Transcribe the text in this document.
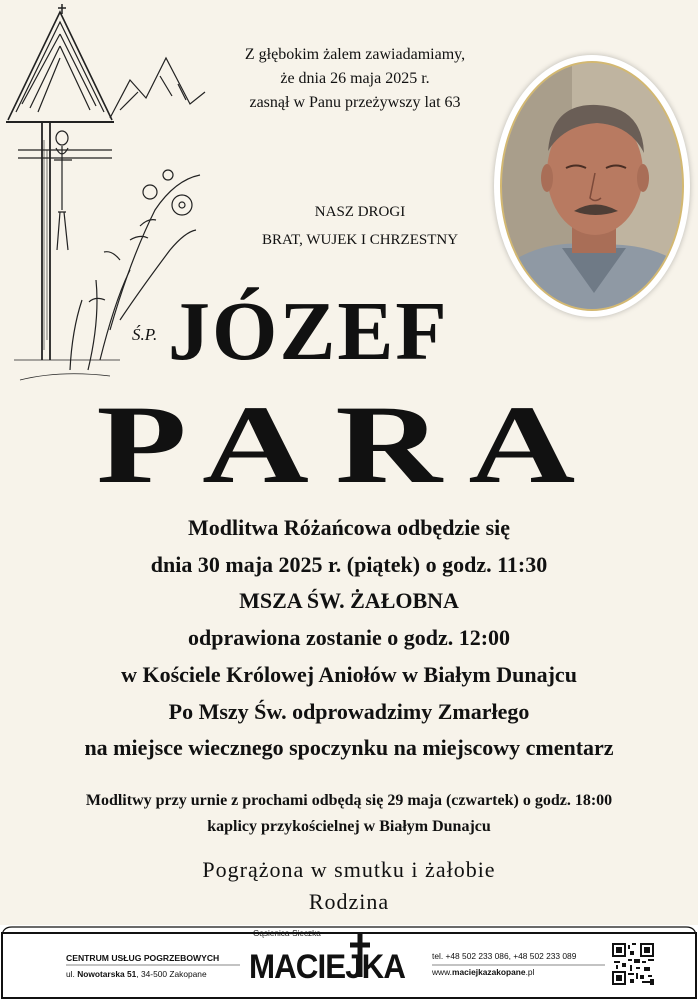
Z głębokim żalem zawiadamiamy,
że dnia 26 maja 2025 r.
zasnął w Panu przeżywszy lat 63
NASZ DROGI
BRAT, WUJEK I CHRZESTNY
Ś.P. JÓZEF
PARA
Modlitwa Różańcowa odbędzie się
dnia 30 maja 2025 r. (piątek) o godz. 11:30
MSZA ŚW. ŻAŁOBNA
odprawiona zostanie o godz. 12:00
w Kościele Królowej Aniołów w Białym Dunajcu
Po Mszy Św. odprowadzimy Zmarłego
na miejsce wiecznego spoczynku na miejscowy cmentarz
Modlitwy przy urnie z prochami odbędą się 29 maja (czwartek) o godz. 18:00
kaplicy przykościelnej w Białym Dunajcu
Pogrążona w smutku i żałobie
Rodzina
CENTRUM USŁUG POGRZEBOWYCH
ul. Nowotarska 51, 34-500 Zakopane
Gąsienica-Sieczka
MACIEJKA	tel. +48 502 233 086, +48 502 233 089
www.maciejkazakopane.pl
